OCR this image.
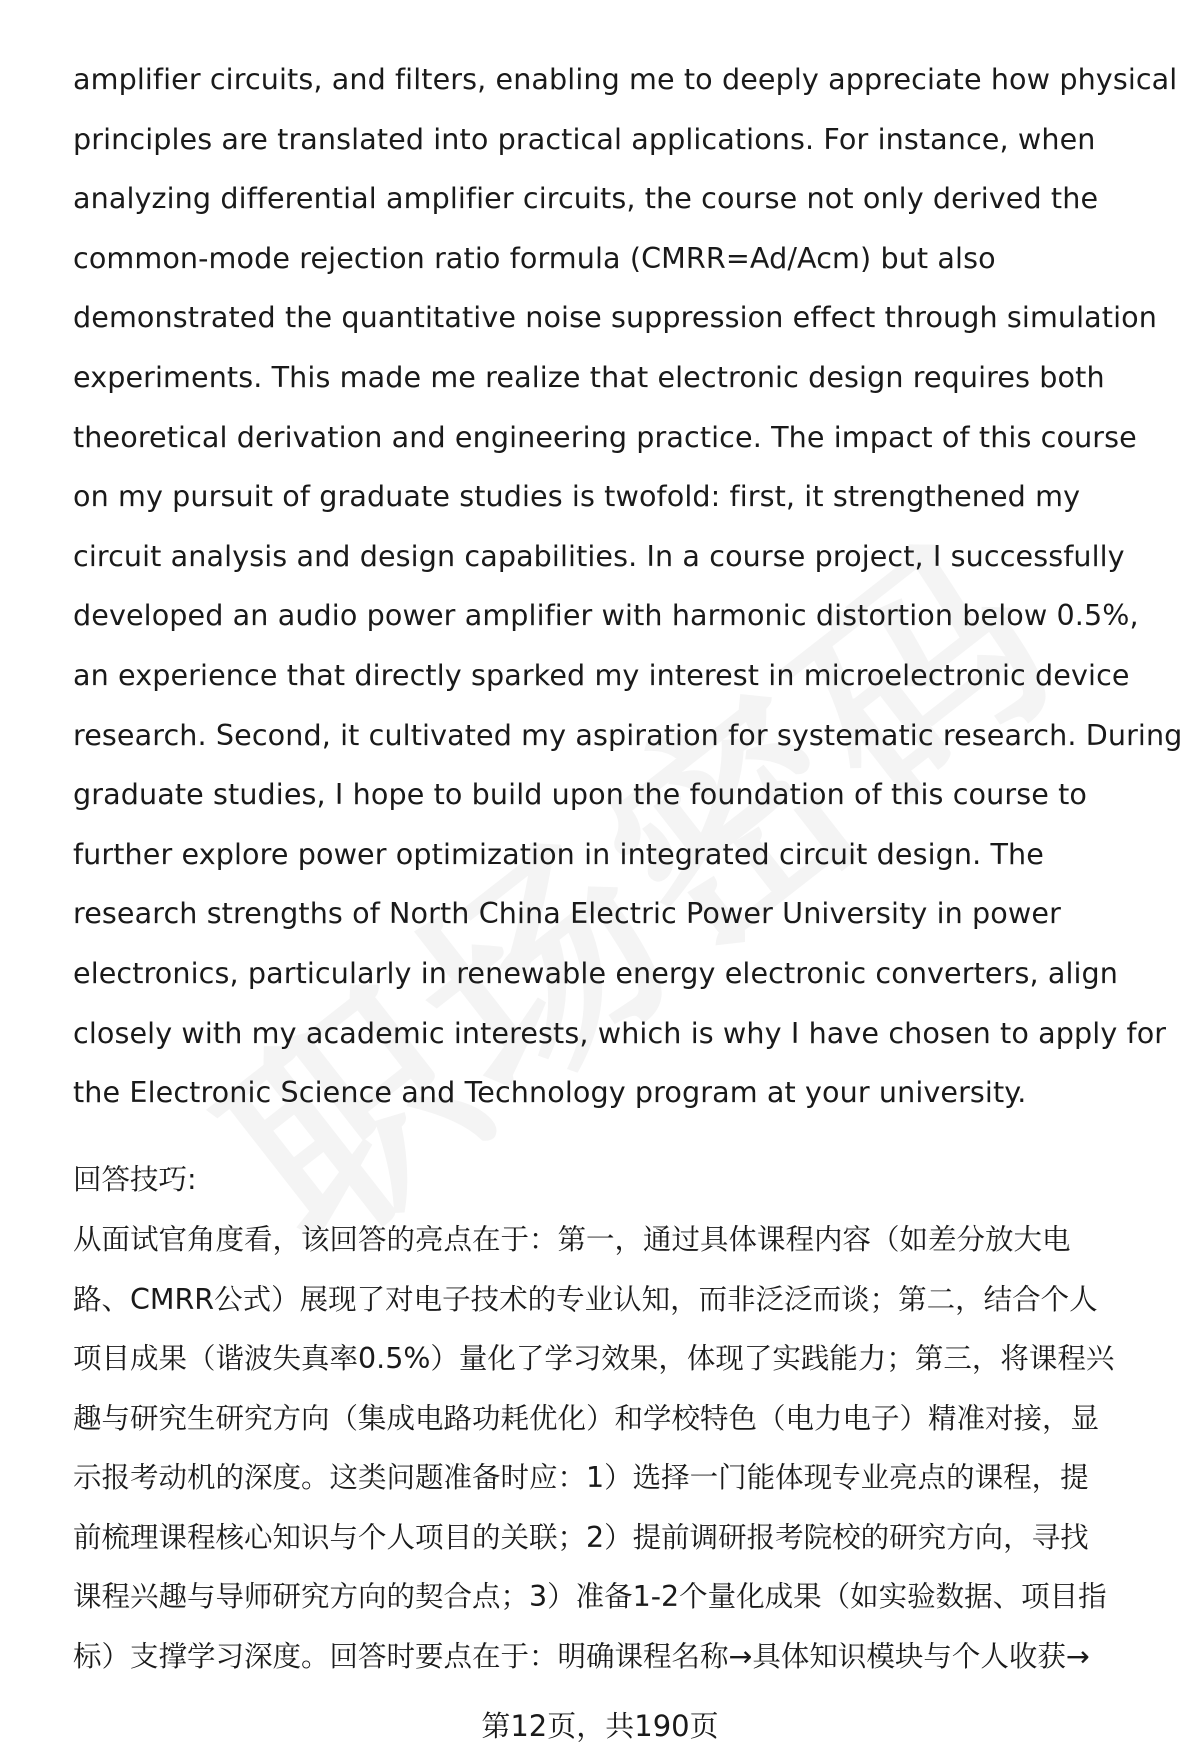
amplifier circuits, and filters, enabling me to deeply appreciate how physical
principles are translated into practical applications. For instance, when
analyzing differential amplifier circuits, the course not only derived the
common-mode rejection ratio formula (CMRR=Ad/Acm) but also
demonstrated the quantitative noise suppression effect through simulation
experiments. This made me realize that electronic design requires both
theoretical derivation and engineering practice. The impact of this course
on my pursuit of graduate studies is twofold: first, it strengthened my
circuit analysis and design capabilities. In a course project, I successfully
developed an audio power amplifier with harmonic distortion below 0.5%,
an experience that directly sparked my interest in microelectronic device
research. Second, it cultivated my aspiration for systematic research. During
graduate studies, I hope to build upon the foundation of this course to
further explore power optimization in integrated circuit design. The
research strengths of North China Electric Power University in power
electronics, particularly in renewable energy electronic converters, align
closely with my academic interests, which is why I have chosen to apply for
the Electronic Science and Technology program at your university.
回答技巧:
从面试官角度看，该回答的亮点在于：第一，通过具体课程内容（如差分放大电
路、CMRR公式）展现了对电子技术的专业认知，而非泛泛而谈；第二，结合个人
项目成果（谐波失真率0.5%）量化了学习效果，体现了实践能力；第三，将课程兴
趣与研究生研究方向（集成电路功耗优化）和学校特色（电力电子）精准对接，显
示报考动机的深度。这类问题准备时应：1）选择一门能体现专业亮点的课程，提
前梳理课程核心知识与个人项目的关联；2）提前调研报考院校的研究方向，寻找
课程兴趣与导师研究方向的契合点；3）准备1-2个量化成果（如实验数据、项目指
标）支撑学习深度。回答时要点在于：明确课程名称→具体知识模块与个人收获→
第12页，共190页
